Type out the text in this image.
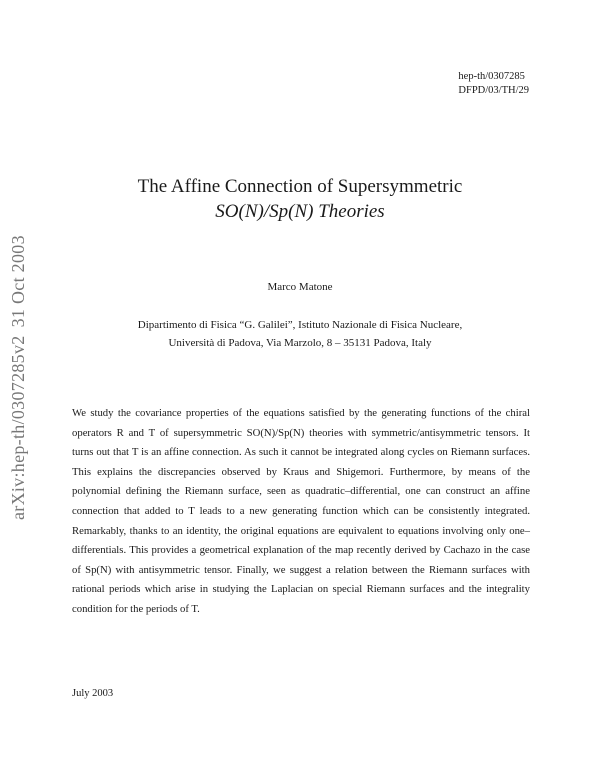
arXiv:hep-th/0307285v231 Oct 2003
hep-th/0307285
DFPD/03/TH/29
The Affine Connection of Supersymmetric
SO(N)/Sp(N) Theories
Marco Matone
Dipartimento di Fisica “G. Galilei”, Istituto Nazionale di Fisica Nucleare,
Università di Padova, Via Marzolo, 8 – 35131 Padova, Italy
We study the covariance properties of the equations satisfied by the generating functions of the chiral operators R and T of supersymmetric SO(N)/Sp(N) theories with symmetric/antisymmetric tensors. It turns out that T is an affine connection. As such it cannot be integrated along cycles on Riemann surfaces. This explains the discrepancies observed by Kraus and Shigemori. Furthermore, by means of the polynomial defining the Riemann surface, seen as quadratic–differential, one can construct an affine connection that added to T leads to a new generating function which can be consistently integrated. Remarkably, thanks to an identity, the original equations are equivalent to equations involving only one–differentials. This provides a geometrical explanation of the map recently derived by Cachazo in the case of Sp(N) with antisymmetric tensor. Finally, we suggest a relation between the Riemann surfaces with rational periods which arise in studying the Laplacian on special Riemann surfaces and the integrality condition for the periods of T.
July 2003
